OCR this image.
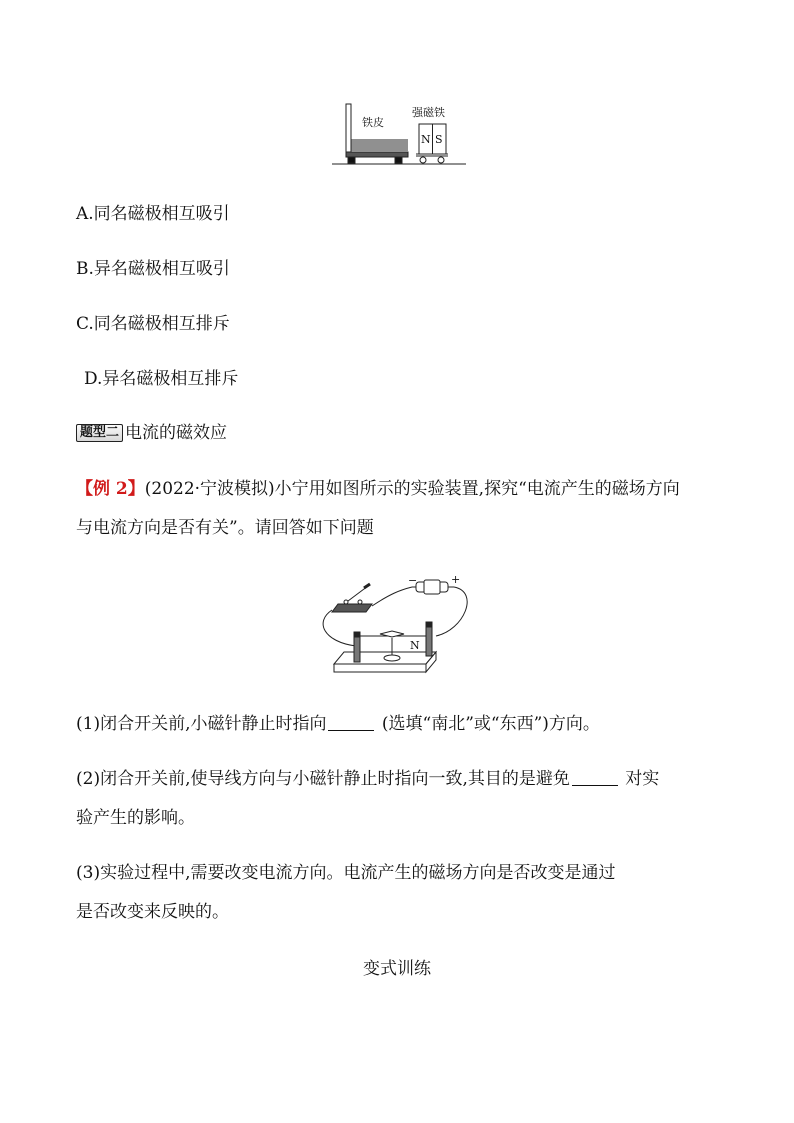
铁皮
强磁铁
N S
A.同名磁极相互吸引
B.异名磁极相互吸引
C.同名磁极相互排斥
D.异名磁极相互排斥
题型二 电流的磁效应
【例 2】(2022·宁波模拟)小宁用如图所示的实验装置,探究“电流产生的磁场方向
与电流方向是否有关”。请回答如下问题
−	+
N
(1)闭合开关前,小磁针静止时指向	(选填“南北”或“东西”)方向。
(2)闭合开关前,使导线方向与小磁针静止时指向一致,其目的是避免	对实
验产生的影响。
(3)实验过程中,需要改变电流方向。电流产生的磁场方向是否改变是通过
是否改变来反映的。
变式训练
